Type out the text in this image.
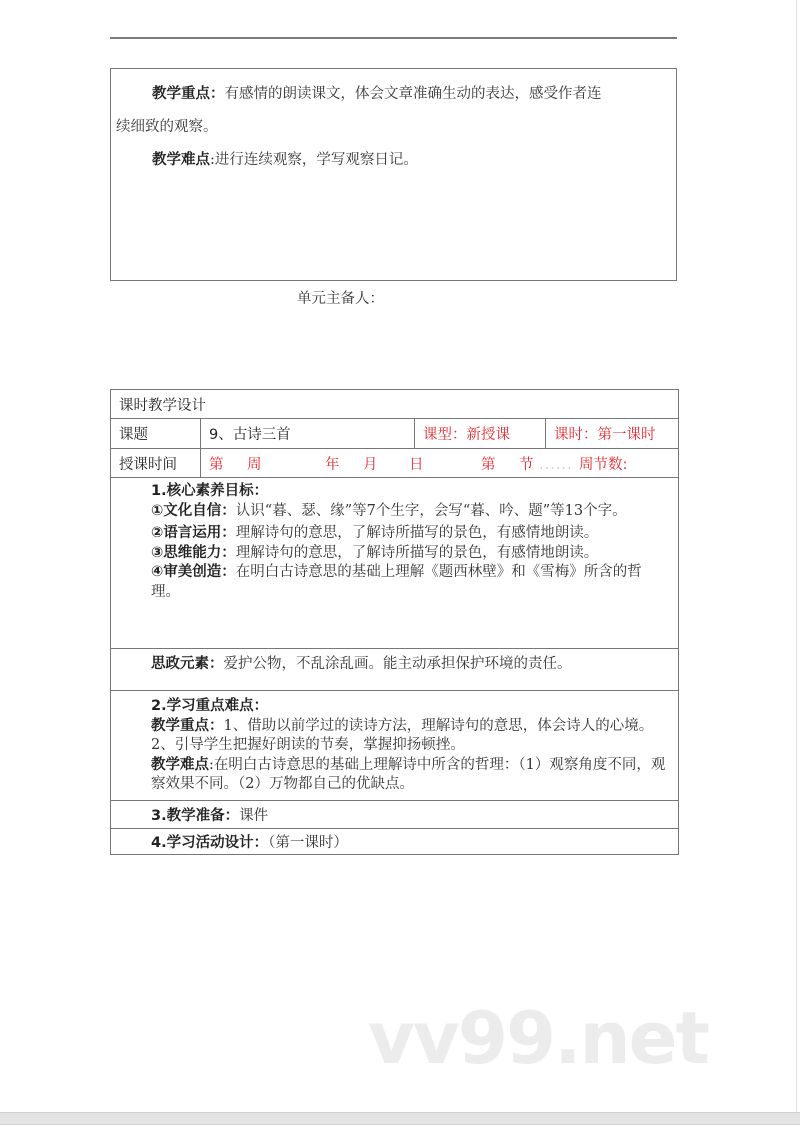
教学重点：有感情的朗读课文，体会文章准确生动的表达，感受作者连

续细致的观察。

教学难点:进行连续观察，学写观察日记。

单元主备人：
课时教学设计			
课题	9、古诗三首	课型：新授课	课时：第一课时
授课时间	第 周 年 月 日 第 节 ...... 周节数:		

1.核心素养目标：

①文化自信：认识“暮、瑟、缘”等7个生字，会写“暮、吟、题”等13个字。

②语言运用：理解诗句的意思，了解诗所描写的景色，有感情地朗读。

③思维能力：理解诗句的意思，了解诗所描写的景色，有感情地朗读。

④审美创造：在明白古诗意思的基础上理解《题西林壁》和《雪梅》所含的哲理。			

思政元素：爱护公物，不乱涂乱画。能主动承担保护环境的责任。			

2.学习重点难点：

教学重点：1、借助以前学过的读诗方法，理解诗句的意思，体会诗人的心境。2、引导学生把握好朗读的节奏，掌握抑扬顿挫。

教学难点:在明白古诗意思的基础上理解诗中所含的哲理：（1）观察角度不同，观察效果不同。（2）万物都自己的优缺点。			

3.教学准备：课件			
4.学习活动设计：（第一课时）			
vv99.net
